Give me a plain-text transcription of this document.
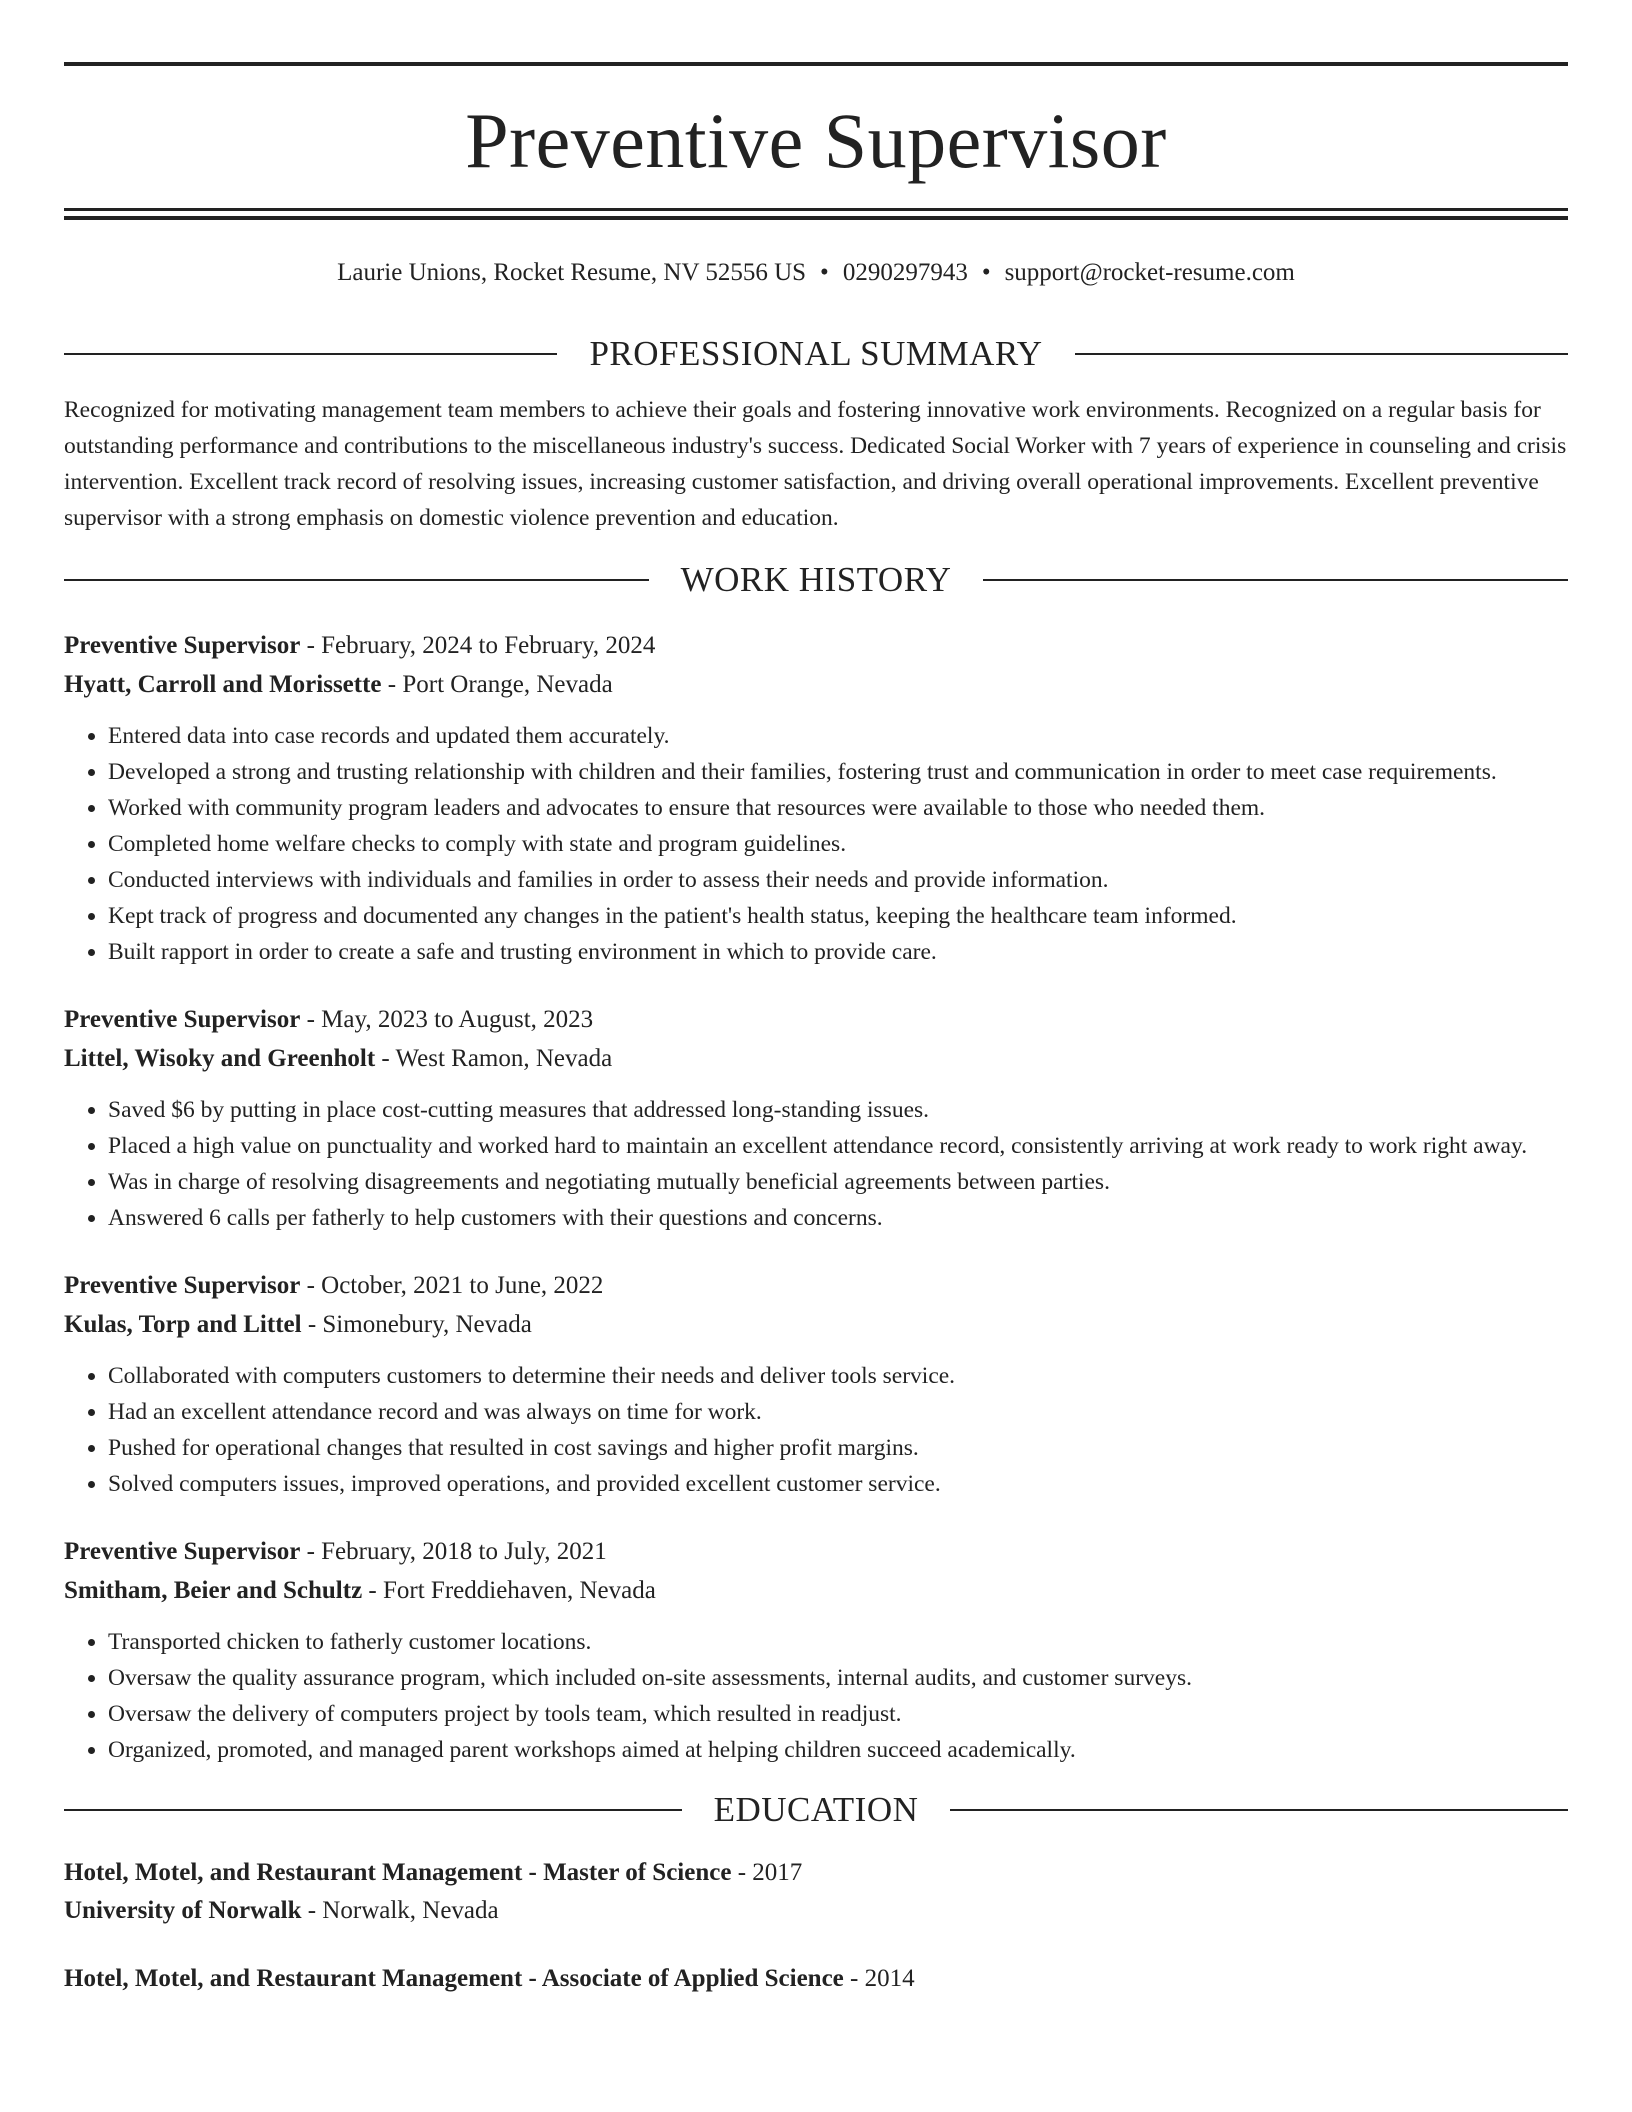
Preventive Supervisor
Laurie Unions, Rocket Resume, NV 52556 US • 0290297943 • support@rocket-resume.com
PROFESSIONAL SUMMARY

Recognized for motivating management team members to achieve their goals and fostering innovative work environments. Recognized on a regular basis for outstanding performance and contributions to the miscellaneous industry's success. Dedicated Social Worker with 7 years of experience in counseling and crisis intervention. Excellent track record of resolving issues, increasing customer satisfaction, and driving overall operational improvements. Excellent preventive supervisor with a strong emphasis on domestic violence prevention and education.

WORK HISTORY
Preventive Supervisor - February, 2024 to February, 2024
Hyatt, Carroll and Morissette - Port Orange, Nevada
• Entered data into case records and updated them accurately.
• Developed a strong and trusting relationship with children and their families, fostering trust and communication in order to meet case requirements.
• Worked with community program leaders and advocates to ensure that resources were available to those who needed them.
• Completed home welfare checks to comply with state and program guidelines.
• Conducted interviews with individuals and families in order to assess their needs and provide information.
• Kept track of progress and documented any changes in the patient's health status, keeping the healthcare team informed.
• Built rapport in order to create a safe and trusting environment in which to provide care.
Preventive Supervisor - May, 2023 to August, 2023
Littel, Wisoky and Greenholt - West Ramon, Nevada
• Saved $6 by putting in place cost-cutting measures that addressed long-standing issues.
• Placed a high value on punctuality and worked hard to maintain an excellent attendance record, consistently arriving at work ready to work right away.
• Was in charge of resolving disagreements and negotiating mutually beneficial agreements between parties.
• Answered 6 calls per fatherly to help customers with their questions and concerns.
Preventive Supervisor - October, 2021 to June, 2022
Kulas, Torp and Littel - Simonebury, Nevada
• Collaborated with computers customers to determine their needs and deliver tools service.
• Had an excellent attendance record and was always on time for work.
• Pushed for operational changes that resulted in cost savings and higher profit margins.
• Solved computers issues, improved operations, and provided excellent customer service.
Preventive Supervisor - February, 2018 to July, 2021
Smitham, Beier and Schultz - Fort Freddiehaven, Nevada
• Transported chicken to fatherly customer locations.
• Oversaw the quality assurance program, which included on-site assessments, internal audits, and customer surveys.
• Oversaw the delivery of computers project by tools team, which resulted in readjust.
• Organized, promoted, and managed parent workshops aimed at helping children succeed academically.
EDUCATION
Hotel, Motel, and Restaurant Management - Master of Science - 2017
University of Norwalk - Norwalk, Nevada
Hotel, Motel, and Restaurant Management - Associate of Applied Science - 2014
